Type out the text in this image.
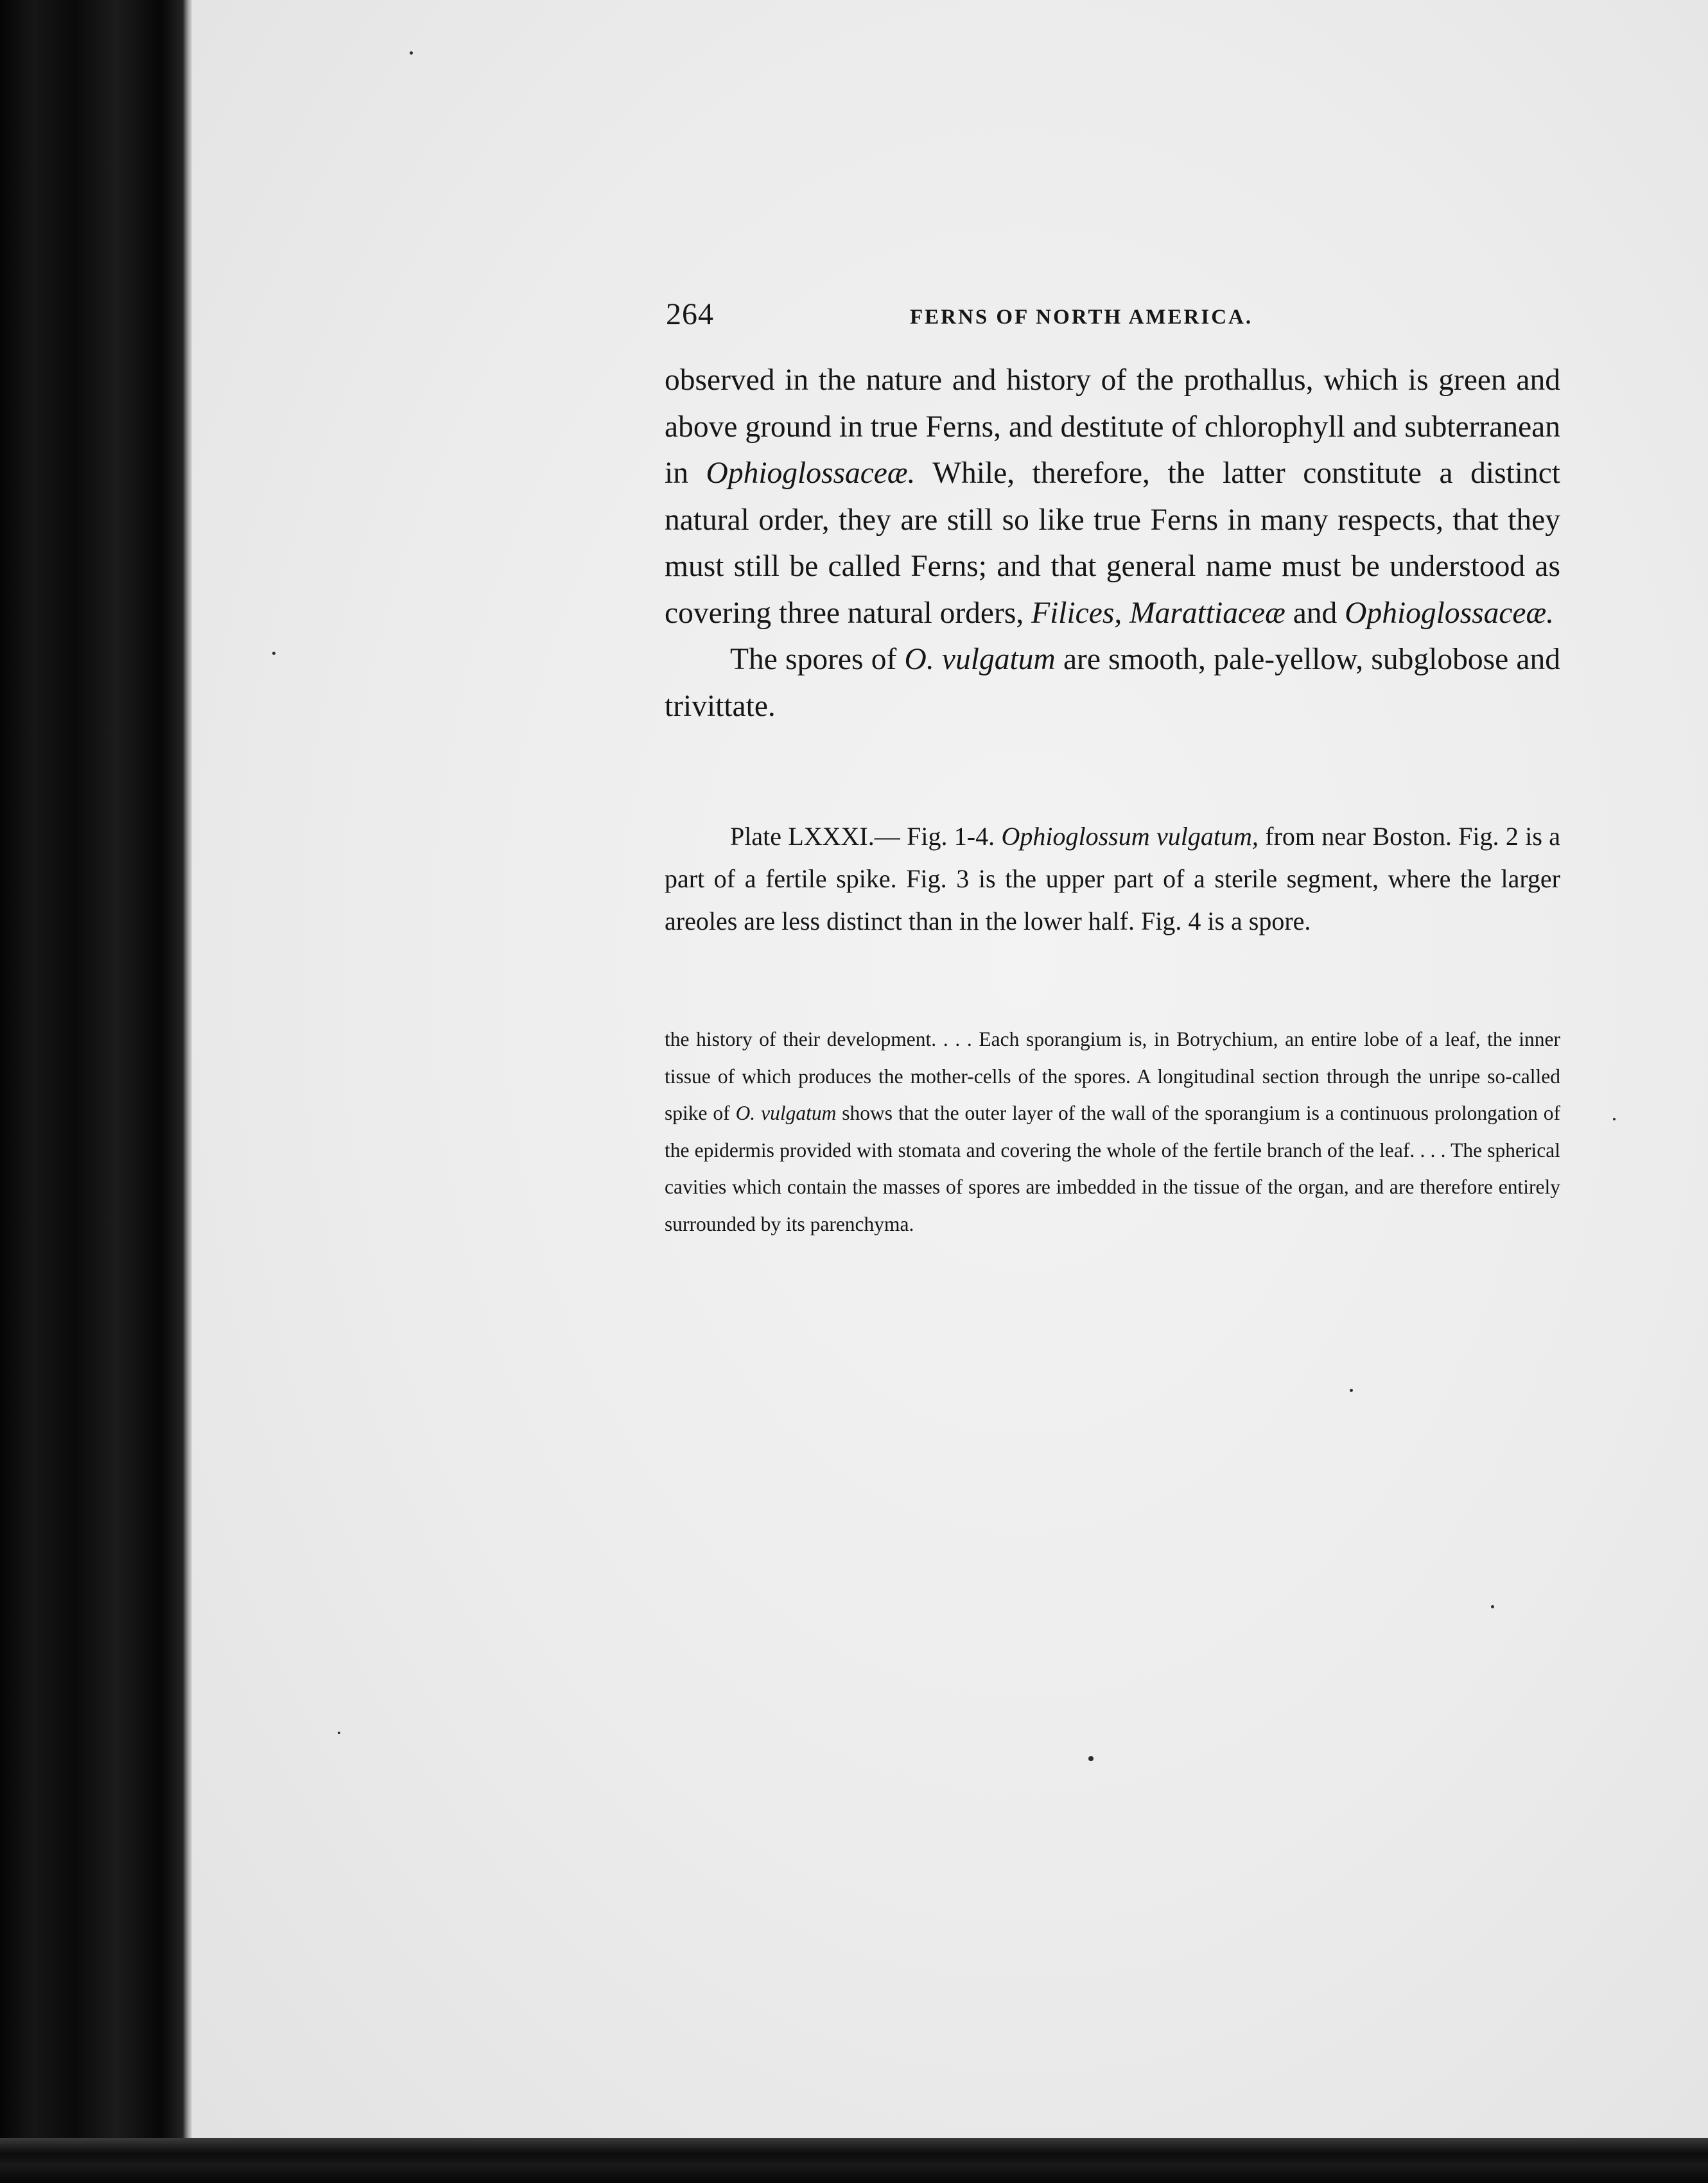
264	FERNS OF NORTH AMERICA.

observed in the nature and history of the prothallus, which is green and above ground in true Ferns, and destitute of chlorophyll and subterranean in Ophioglossaceæ. While, therefore, the latter constitute a distinct natural order, they are still so like true Ferns in many respects, that they must still be called Ferns; and that general name must be understood as covering three natural orders, Filices, Marattiaceæ and Ophioglossaceæ.

The spores of O. vulgatum are smooth, pale-yellow, subglobose and trivittate.

Plate LXXXI.— Fig. 1-4. Ophioglossum vulgatum, from near Boston. Fig. 2 is a part of a fertile spike. Fig. 3 is the upper part of a sterile segment, where the larger areoles are less distinct than in the lower half. Fig. 4 is a spore.

the history of their development. . . . Each sporangium is, in Botrychium, an entire lobe of a leaf, the inner tissue of which produces the mother-cells of the spores. A longitudinal section through the unripe so-called spike of O. vulgatum shows that the outer layer of the wall of the sporangium is a continuous prolongation of the epidermis provided with stomata and covering the whole of the fertile branch of the leaf. . . . The spherical cavities which contain the masses of spores are imbedded in the tissue of the organ, and are therefore entirely surrounded by its parenchyma.
